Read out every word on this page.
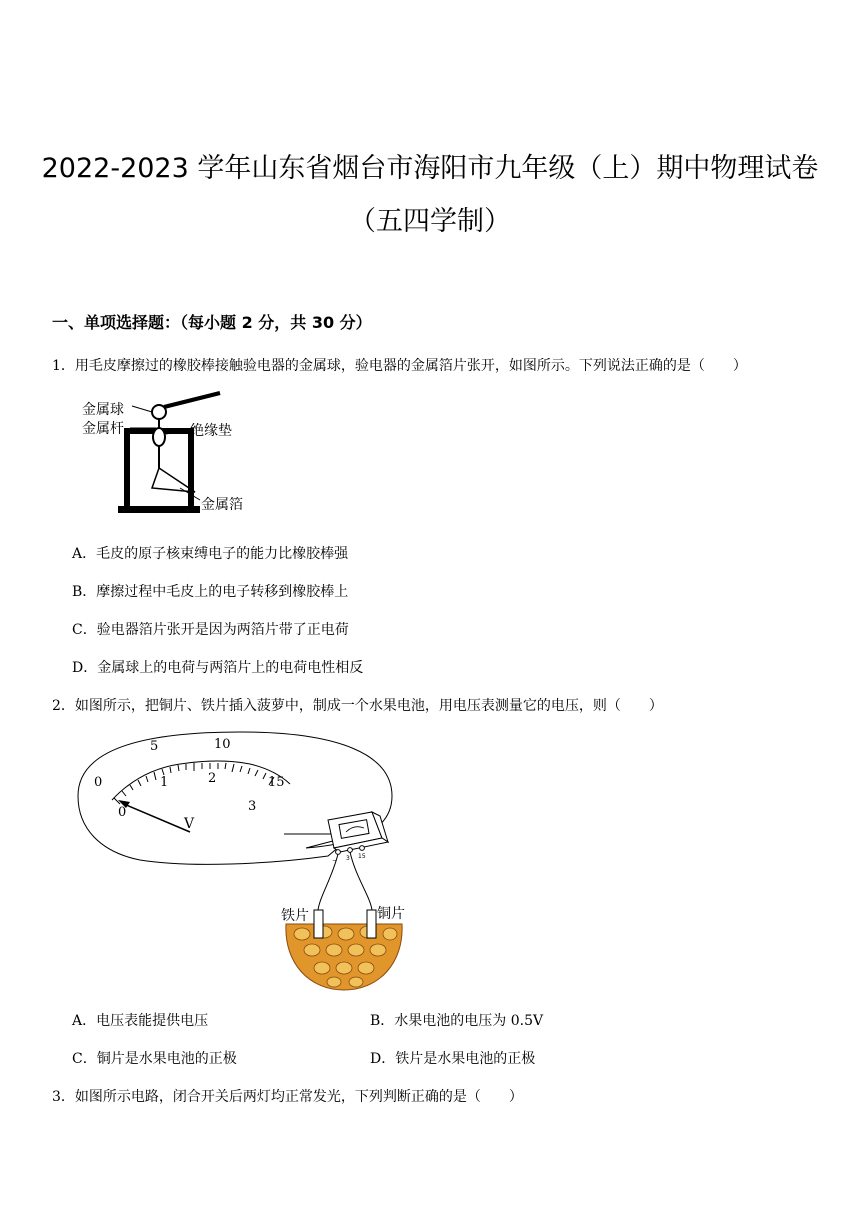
2022-2023 学年山东省烟台市海阳市九年级（上）期中物理试卷
（五四学制）
一、单项选择题：（每小题 2 分，共 30 分）
1．用毛皮摩擦过的橡胶棒接触验电器的金属球，验电器的金属箔片张开，如图所示。下列说法正确的是（　　）
金属球
金属杆	绝缘垫
金属箔
A．毛皮的原子核束缚电子的能力比橡胶棒强
B．摩擦过程中毛皮上的电子转移到橡胶棒上
C．验电器箔片张开是因为两箔片带了正电荷
D．金属球上的电荷与两箔片上的电荷电性相反
2．如图所示，把铜片、铁片插入菠萝中，制成一个水果电池，用电压表测量它的电压，则（　　）
0
5	10
15
0
1	2
3
V
− 3 15
铁片	铜片
A．电压表能提供电压	B．水果电池的电压为 0.5V
C．铜片是水果电池的正极	D．铁片是水果电池的正极
3．如图所示电路，闭合开关后两灯均正常发光，下列判断正确的是（　　）
